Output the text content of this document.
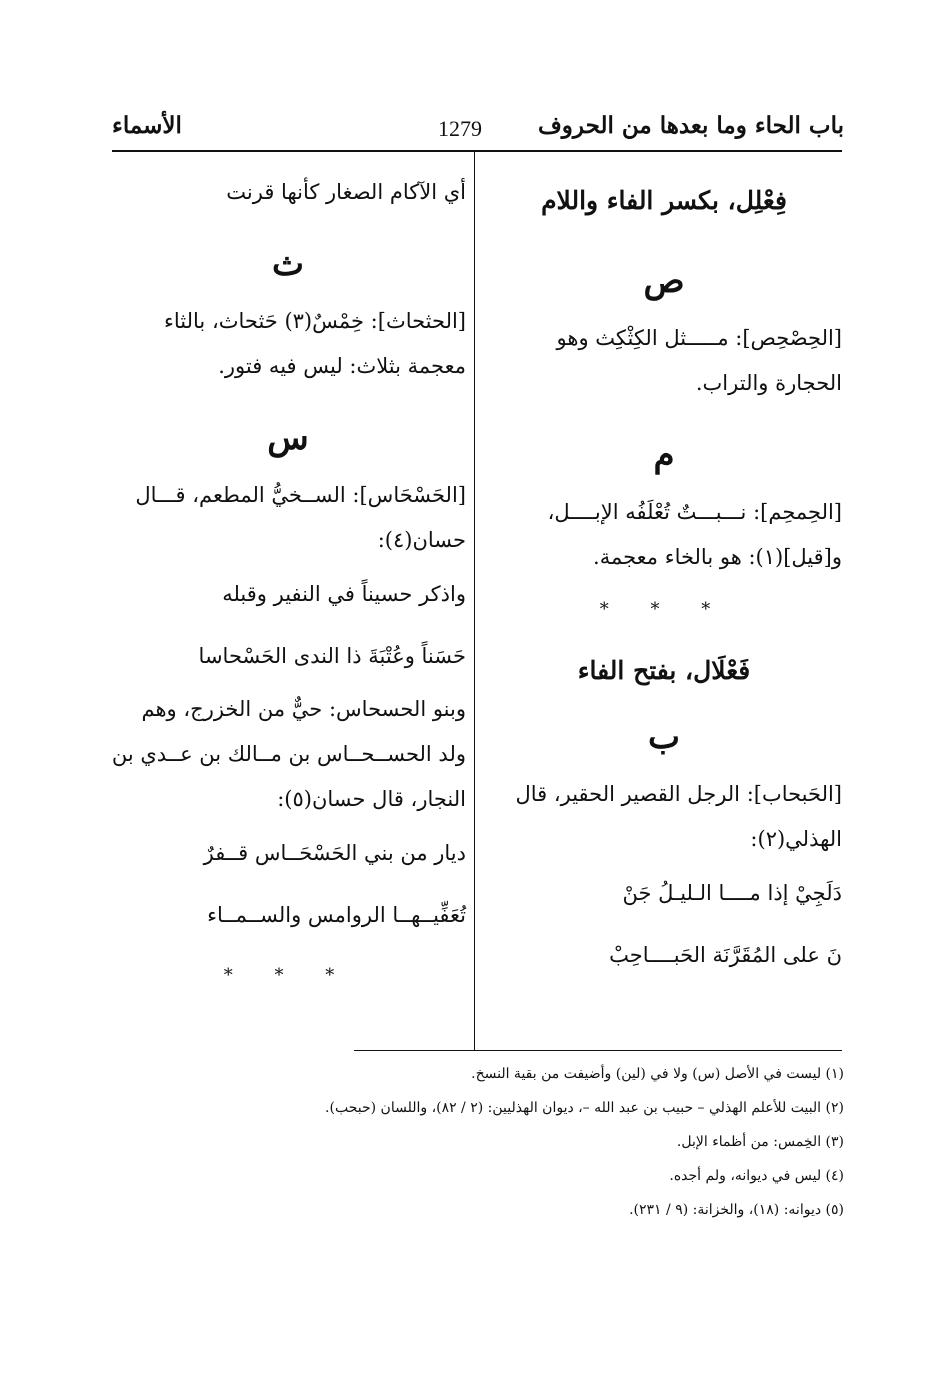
باب الحاء وما بعدها من الحروف
1279
الأسماء
فِعْلِل، بكسر الفاء واللام
ص
[الحِصْحِص]: مـــــثل الكِثْكِث وهو
الحجارة والتراب.
م
[الحِمحِم]: نـــبـــتٌ تُعْلَفُه الإبــــل،
و[قيل](١): هو بالخاء معجمة.
* * *
فَعْلَال، بفتح الفاء
ب
[الحَبحاب]: الرجل القصير الحقير، قال
الهذلي(٢):
دَلَجِيْ إذا مــــا الـليـلُ جَنْ
نَ على المُقَرَّنَة الحَبــــاحِبْ
أي الآكام الصغار كأنها قرنت
ث
[الحثحاث]: خِمْسٌ(٣) حَثحاث، بالثاء
معجمة بثلاث: ليس فيه فتور.
س
[الحَسْحَاس]: الســخيُّ المطعم، قـــال
حسان(٤):
واذكر حسيناً في النفير وقبله
حَسَناً وعُتْبَةَ ذا الندى الحَسْحاسا
وبنو الحسحاس: حيٌّ من الخزرج، وهم
ولد الحســحــاس بن مــالك بن عــدي بن
النجار، قال حسان(٥):
ديار من بني الحَسْحَــاس قــفرٌ
تُعَفِّيــهــا الروامس والســمــاء
* * *
(١) ليست في الأصل (س) ولا في (لين) وأضيفت من بقية النسخ.
(٢) البيت للأعلم الهذلي – حبيب بن عبد الله –، ديوان الهذليين: (٢ / ٨٢)، واللسان (حبحب).
(٣) الخِمس: من أظماء الإبل.
(٤) ليس في ديوانه، ولم أجده.
(٥) ديوانه: (١٨)، والخزانة: (٩ / ٢٣١).
